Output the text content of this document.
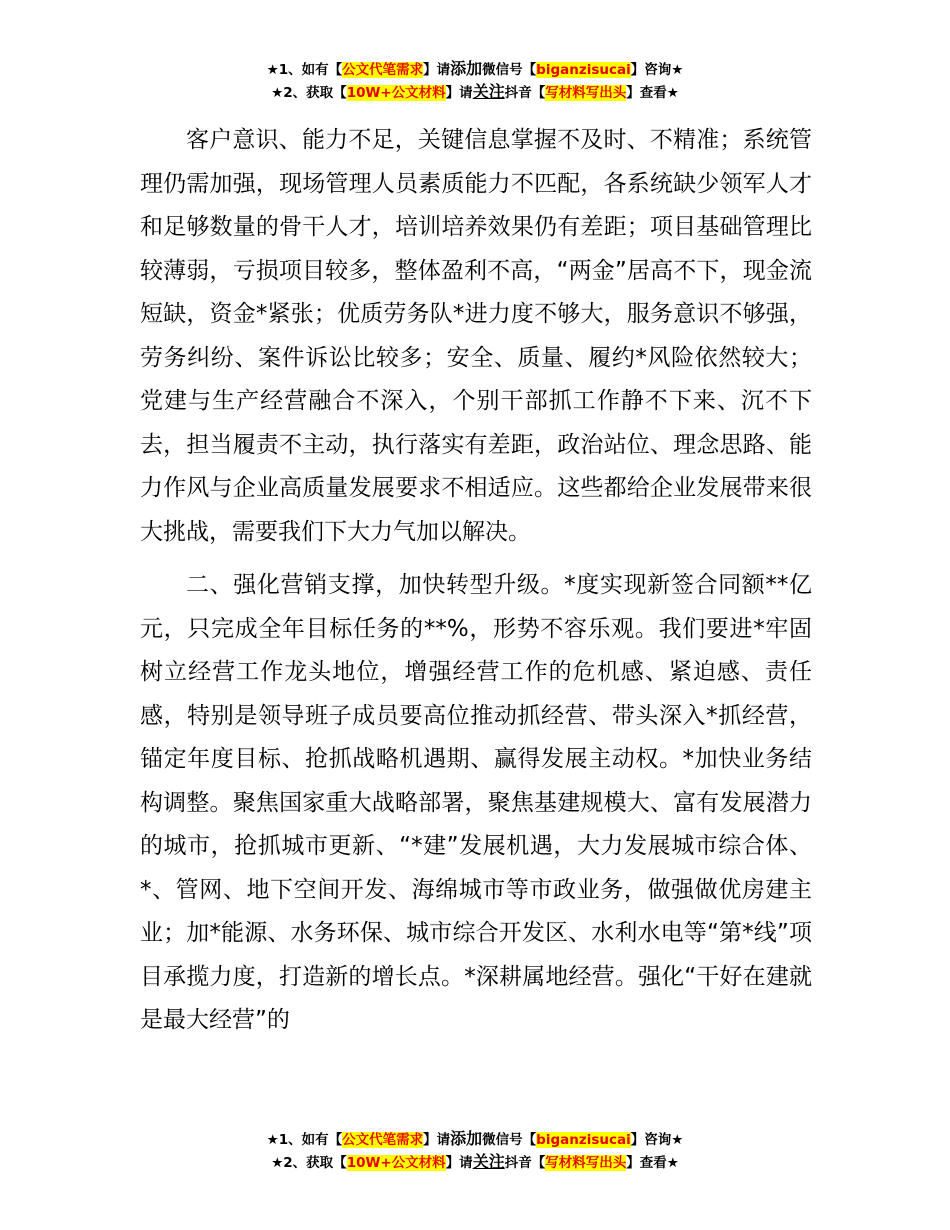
★1、如有【公文代笔需求】请添加微信号【biganzisucai】咨询★
★2、获取【10W+公文材料】请关注抖音【写材料写出头】查看★

客户意识、能力不足，关键信息掌握不及时、不精准；系统管理仍需加强，现场管理人员素质能力不匹配，各系统缺少领军人才和足够数量的骨干人才，培训培养效果仍有差距；项目基础管理比较薄弱，亏损项目较多，整体盈利不高，“两金”居高不下，现金流短缺，资金*紧张；优质劳务队*进力度不够大，服务意识不够强，劳务纠纷、案件诉讼比较多；安全、质量、履约*风险依然较大；党建与生产经营融合不深入，个别干部抓工作静不下来、沉不下去，担当履责不主动，执行落实有差距，政治站位、理念思路、能力作风与企业高质量发展要求不相适应。这些都给企业发展带来很大挑战，需要我们下大力气加以解决。

二、强化营销支撑，加快转型升级。*度实现新签合同额**亿元，只完成全年目标任务的**%，形势不容乐观。我们要进*牢固树立经营工作龙头地位，增强经营工作的危机感、紧迫感、责任感，特别是领导班子成员要高位推动抓经营、带头深入*抓经营，锚定年度目标、抢抓战略机遇期、赢得发展主动权。*加快业务结构调整。聚焦国家重大战略部署，聚焦基建规模大、富有发展潜力的城市，抢抓城市更新、“*建”发展机遇，大力发展城市综合体、*、管网、地下空间开发、海绵城市等市政业务，做强做优房建主业；加*能源、水务环保、城市综合开发区、水利水电等“第*线”项目承揽力度，打造新的增长点。*深耕属地经营。强化“干好在建就是最大经营”的

★1、如有【公文代笔需求】请添加微信号【biganzisucai】咨询★
★2、获取【10W+公文材料】请关注抖音【写材料写出头】查看★
